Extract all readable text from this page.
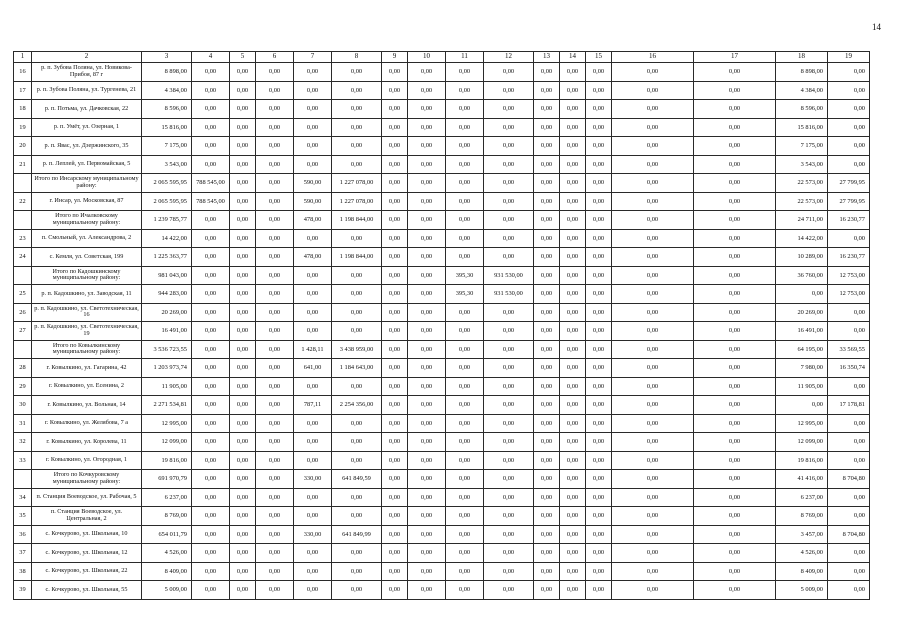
14
1	2	3	4	5	6	7	8	9	10	11	12	13	14	15	16	17	18	19
16	р. п. Зубова Поляна, ул. Новикова-Прибоя, 87 г	8 898,00	0,00	0,00	0,00	0,00	0,00	0,00	0,00	0,00	0,00	0,00	0,00	0,00	0,00	0,00	8 898,00	0,00
17	р. п. Зубова Поляна, ул. Тургенева, 21	4 384,00	0,00	0,00	0,00	0,00	0,00	0,00	0,00	0,00	0,00	0,00	0,00	0,00	0,00	0,00	4 384,00	0,00
18	р. п. Потьма, ул. Дачковская, 22	8 596,00	0,00	0,00	0,00	0,00	0,00	0,00	0,00	0,00	0,00	0,00	0,00	0,00	0,00	0,00	8 596,00	0,00
19	р. п. Умёт, ул. Озерная, 1	15 816,00	0,00	0,00	0,00	0,00	0,00	0,00	0,00	0,00	0,00	0,00	0,00	0,00	0,00	0,00	15 816,00	0,00
20	р. п. Явас, ул. Дзержинского, 35	7 175,00	0,00	0,00	0,00	0,00	0,00	0,00	0,00	0,00	0,00	0,00	0,00	0,00	0,00	0,00	7 175,00	0,00
21	р. п. Леплей, ул. Первомайская, 5	3 543,00	0,00	0,00	0,00	0,00	0,00	0,00	0,00	0,00	0,00	0,00	0,00	0,00	0,00	0,00	3 543,00	0,00
	Итого по Инсарскому муниципальному району:	2 065 595,95	788 545,00	0,00	0,00	590,00	1 227 078,00	0,00	0,00	0,00	0,00	0,00	0,00	0,00	0,00	0,00	22 573,00	27 799,95
22	г. Инсар, ул. Московская, 87	2 065 595,95	788 545,00	0,00	0,00	590,00	1 227 078,00	0,00	0,00	0,00	0,00	0,00	0,00	0,00	0,00	0,00	22 573,00	27 799,95
	Итого по Ичалковскому муниципальному району:	1 239 785,77	0,00	0,00	0,00	478,00	1 198 844,00	0,00	0,00	0,00	0,00	0,00	0,00	0,00	0,00	0,00	24 711,00	16 230,77
23	п. Смольный, ул. Александрова, 2	14 422,00	0,00	0,00	0,00	0,00	0,00	0,00	0,00	0,00	0,00	0,00	0,00	0,00	0,00	0,00	14 422,00	0,00
24	с. Кемля, ул. Советская, 199	1 225 363,77	0,00	0,00	0,00	478,00	1 198 844,00	0,00	0,00	0,00	0,00	0,00	0,00	0,00	0,00	0,00	10 289,00	16 230,77
	Итого по Кадошкинскому муниципальному району:	981 043,00	0,00	0,00	0,00	0,00	0,00	0,00	0,00	395,30	931 530,00	0,00	0,00	0,00	0,00	0,00	36 760,00	12 753,00
25	р. п. Кадошкино, ул. Заводская, 11	944 283,00	0,00	0,00	0,00	0,00	0,00	0,00	0,00	395,30	931 530,00	0,00	0,00	0,00	0,00	0,00	0,00	12 753,00
26	р. п. Кадошкино, ул. Светотехническая, 16	20 269,00	0,00	0,00	0,00	0,00	0,00	0,00	0,00	0,00	0,00	0,00	0,00	0,00	0,00	0,00	20 269,00	0,00
27	р. п. Кадошкино, ул. Светотехническая, 19	16 491,00	0,00	0,00	0,00	0,00	0,00	0,00	0,00	0,00	0,00	0,00	0,00	0,00	0,00	0,00	16 491,00	0,00
	Итого по Ковылкинскому муниципальному району:	3 536 723,55	0,00	0,00	0,00	1 428,11	3 438 959,00	0,00	0,00	0,00	0,00	0,00	0,00	0,00	0,00	0,00	64 195,00	33 569,55
28	г. Ковылкино, ул. Гагарина, 42	1 203 973,74	0,00	0,00	0,00	641,00	1 184 643,00	0,00	0,00	0,00	0,00	0,00	0,00	0,00	0,00	0,00	7 980,00	16 350,74
29	г. Ковылкино, ул. Есенина, 2	11 905,00	0,00	0,00	0,00	0,00	0,00	0,00	0,00	0,00	0,00	0,00	0,00	0,00	0,00	0,00	11 905,00	0,00
30	г. Ковылкино, ул. Вольная, 14	2 271 534,81	0,00	0,00	0,00	787,11	2 254 356,00	0,00	0,00	0,00	0,00	0,00	0,00	0,00	0,00	0,00	0,00	17 178,81
31	г. Ковылкино, ул. Желябова, 7 а	12 995,00	0,00	0,00	0,00	0,00	0,00	0,00	0,00	0,00	0,00	0,00	0,00	0,00	0,00	0,00	12 995,00	0,00
32	г. Ковылкино, ул. Королева, 11	12 099,00	0,00	0,00	0,00	0,00	0,00	0,00	0,00	0,00	0,00	0,00	0,00	0,00	0,00	0,00	12 099,00	0,00
33	г. Ковылкино, ул. Огородная, 1	19 816,00	0,00	0,00	0,00	0,00	0,00	0,00	0,00	0,00	0,00	0,00	0,00	0,00	0,00	0,00	19 816,00	0,00
	Итого по Кочкуровскому муниципальному району:	691 970,79	0,00	0,00	0,00	330,00	641 849,59	0,00	0,00	0,00	0,00	0,00	0,00	0,00	0,00	0,00	41 416,00	8 704,80
34	п. Станция Воеводское, ул. Рабочая, 5	6 237,00	0,00	0,00	0,00	0,00	0,00	0,00	0,00	0,00	0,00	0,00	0,00	0,00	0,00	0,00	6 237,00	0,00
35	п. Станция Воеводское, ул. Центральная, 2	8 769,00	0,00	0,00	0,00	0,00	0,00	0,00	0,00	0,00	0,00	0,00	0,00	0,00	0,00	0,00	8 769,00	0,00
36	с. Кочкурово, ул. Школьная, 10	654 011,79	0,00	0,00	0,00	330,00	641 849,99	0,00	0,00	0,00	0,00	0,00	0,00	0,00	0,00	0,00	3 457,00	8 704,80
37	с. Кочкурово, ул. Школьная, 12	4 526,00	0,00	0,00	0,00	0,00	0,00	0,00	0,00	0,00	0,00	0,00	0,00	0,00	0,00	0,00	4 526,00	0,00
38	с. Кочкурово, ул. Школьная, 22	8 409,00	0,00	0,00	0,00	0,00	0,00	0,00	0,00	0,00	0,00	0,00	0,00	0,00	0,00	0,00	8 409,00	0,00
39	с. Кочкурово, ул. Школьная, 55	5 009,00	0,00	0,00	0,00	0,00	0,00	0,00	0,00	0,00	0,00	0,00	0,00	0,00	0,00	0,00	5 009,00	0,00
